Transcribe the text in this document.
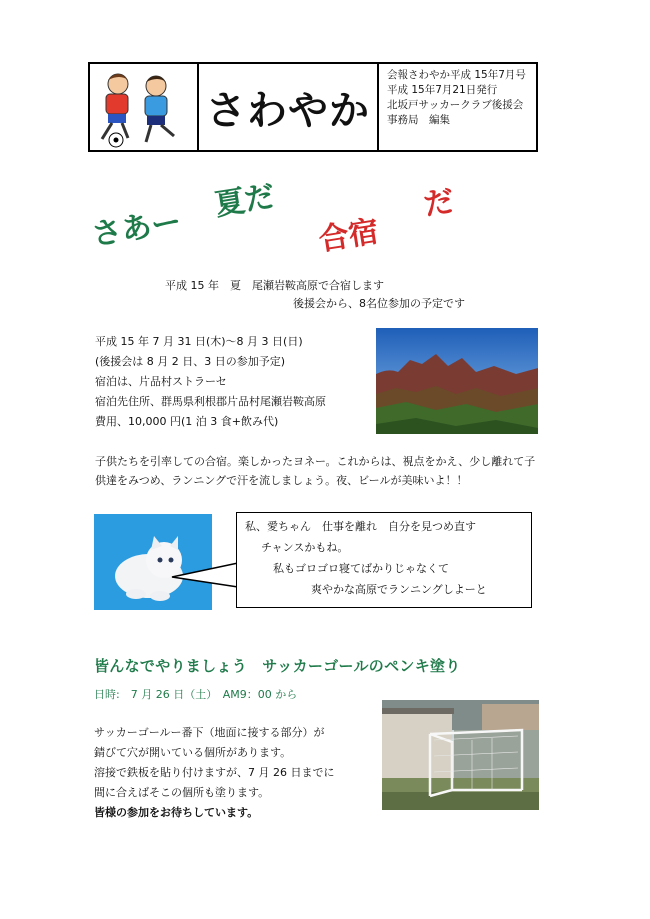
さわやか
会報さわやか平成 15年7月号
平成 15年7月21日発行
北坂戸サッカークラブ後援会
事務局　編集
さあー
夏だ
合宿
だ
平成 15 年　夏　尾瀬岩鞍高原で合宿します
後援会から、8名位参加の予定です
平成 15 年 7 月 31 日(木)～8 月 3 日(日)
(後援会は 8 月 2 日、3 日の参加予定)
宿泊は、片品村ストラーセ
宿泊先住所、群馬県利根郡片品村尾瀬岩鞍高原
費用、10,000 円(1 泊 3 食+飲み代)
子供たちを引率しての合宿。楽しかったヨネー。これからは、視点をかえ、少し離れて子供達をみつめ、ランニングで汗を流しましょう。夜、ビールが美味いよ！！
私、愛ちゃん　仕事を離れ　自分を見つめ直す
チャンスかもね。
私もゴロゴロ寝てばかりじゃなくて
爽やかな高原でランニングしよーと
皆んなでやりましょう　サッカーゴールのペンキ塗り
日時:　7 月 26 日（土）　AM9：00 から
サッカーゴールー番下（地面に接する部分）が
錆びて穴が開いている個所があります。
溶接で鉄板を貼り付けますが、7 月 26 日までに
間に合えばそこの個所も塗ります。
皆様の参加をお待ちしています。
